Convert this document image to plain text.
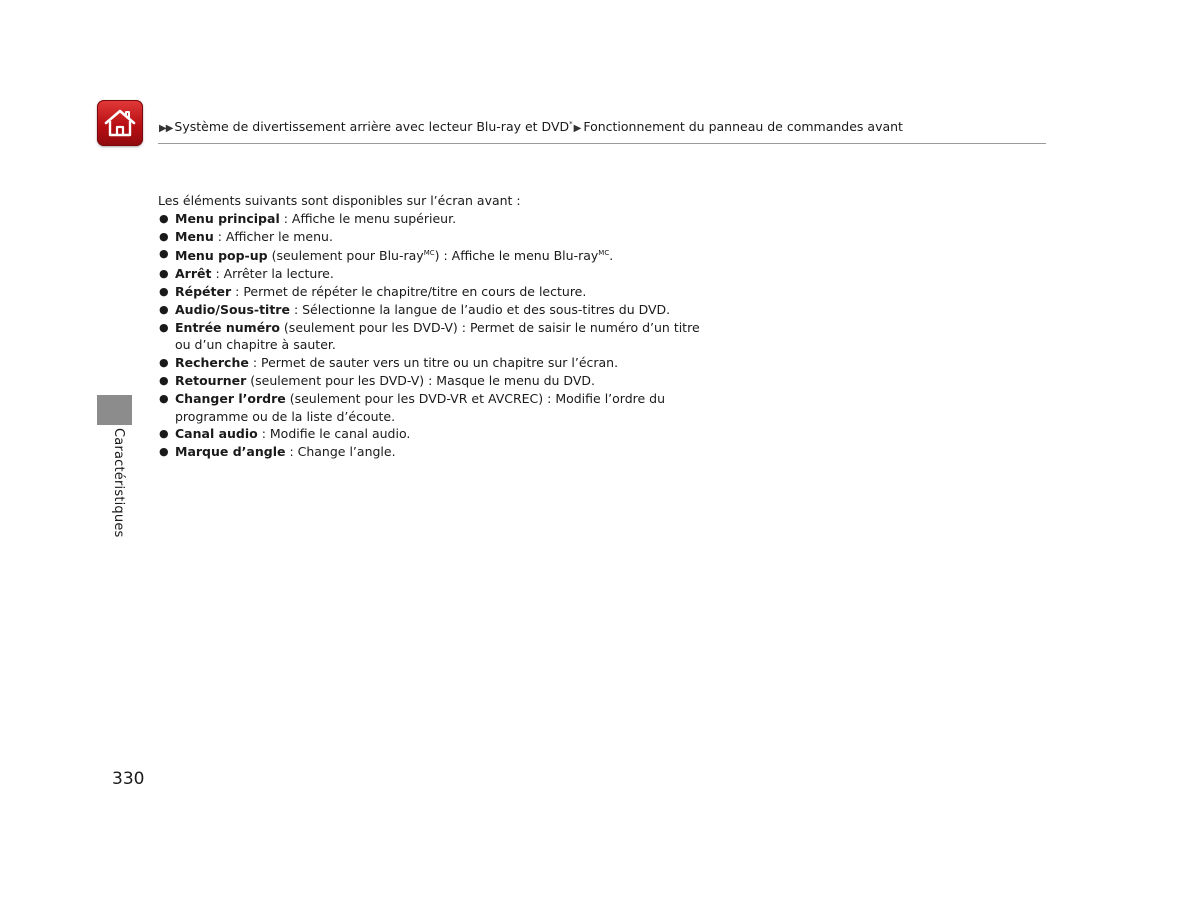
▶▶ Système de divertissement arrière avec lecteur Blu-ray et DVD*▶ Fonctionnement du panneau de commandes avant
Caractéristiques

Les éléments suivants sont disponibles sur l’écran avant :

● Menu principal : Affiche le menu supérieur.
● Menu : Afficher le menu.
● Menu pop-up (seulement pour Blu-ray$^{MC}$) : Affiche le menu Blu-ray$^{MC}$.
● Arrêt : Arrêter la lecture.
● Répéter : Permet de répéter le chapitre/titre en cours de lecture.
● Audio/Sous-titre : Sélectionne la langue de l’audio et des sous-titres du DVD.
● Entrée numéro (seulement pour les DVD-V) : Permet de saisir le numéro d’un titre ou d’un chapitre à sauter.
● Recherche : Permet de sauter vers un titre ou un chapitre sur l’écran.
● Retourner (seulement pour les DVD-V) : Masque le menu du DVD.
● Changer l’ordre (seulement pour les DVD-VR et AVCREC) : Modifie l’ordre du programme ou de la liste d’écoute.
● Canal audio : Modifie le canal audio.
● Marque d’angle : Change l’angle.
330
